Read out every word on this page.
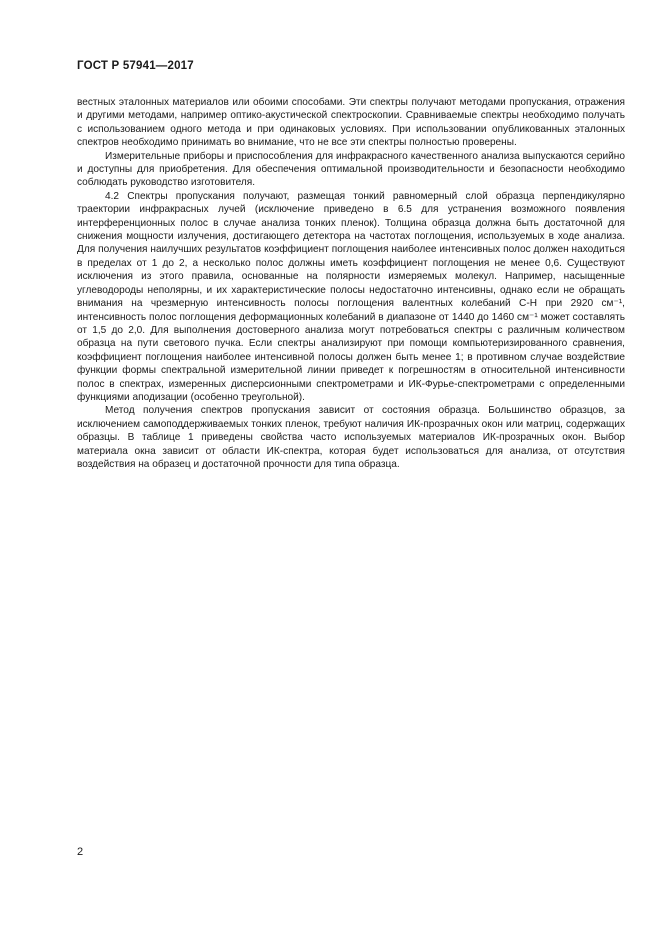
ГОСТ Р 57941—2017

вестных эталонных материалов или обоими способами. Эти спектры получают методами пропускания, отражения и другими методами, например оптико-акустической спектроскопии. Сравниваемые спектры необходимо получать с использованием одного метода и при одинаковых условиях. При использовании опубликованных эталонных спектров необходимо принимать во внимание, что не все эти спектры полностью проверены.

Измерительные приборы и приспособления для инфракрасного качественного анализа выпускаются серийно и доступны для приобретения. Для обеспечения оптимальной производительности и безопасности необходимо соблюдать руководство изготовителя.

4.2 Спектры пропускания получают, размещая тонкий равномерный слой образца перпендикулярно траектории инфракрасных лучей (исключение приведено в 6.5 для устранения возможного появления интерференционных полос в случае анализа тонких пленок). Толщина образца должна быть достаточной для снижения мощности излучения, достигающего детектора на частотах поглощения, используемых в ходе анализа. Для получения наилучших результатов коэффициент поглощения наиболее интенсивных полос должен находиться в пределах от 1 до 2, а несколько полос должны иметь коэффициент поглощения не менее 0,6. Существуют исключения из этого правила, основанные на полярности измеряемых молекул. Например, насыщенные углеводороды неполярны, и их характеристические полосы недостаточно интенсивны, однако если не обращать внимания на чрезмерную интенсивность полосы поглощения валентных колебаний С-Н при 2920 см⁻¹, интенсивность полос поглощения деформационных колебаний в диапазоне от 1440 до 1460 см⁻¹ может составлять от 1,5 до 2,0. Для выполнения достоверного анализа могут потребоваться спектры с различным количеством образца на пути светового пучка. Если спектры анализируют при помощи компьютеризированного сравнения, коэффициент поглощения наиболее интенсивной полосы должен быть менее 1; в противном случае воздействие функции формы спектральной измерительной линии приведет к погрешностям в относительной интенсивности полос в спектрах, измеренных дисперсионными спектрометрами и ИК-Фурье-спектрометрами с определенными функциями аподизации (особенно треугольной).

Метод получения спектров пропускания зависит от состояния образца. Большинство образцов, за исключением самоподдерживаемых тонких пленок, требуют наличия ИК-прозрачных окон или матриц, содержащих образцы. В таблице 1 приведены свойства часто используемых материалов ИК-прозрачных окон. Выбор материала окна зависит от области ИК-спектра, которая будет использоваться для анализа, от отсутствия воздействия на образец и достаточной прочности для типа образца.

2
